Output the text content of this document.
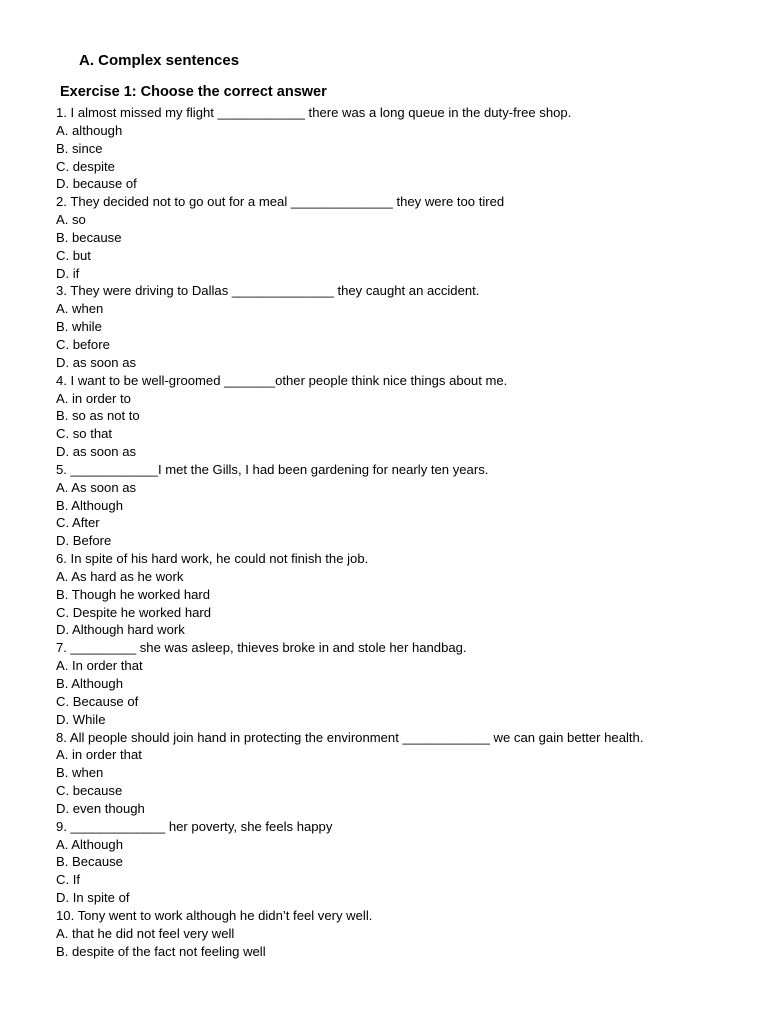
A. Complex sentences
Exercise 1: Choose the correct answer
1. I almost missed my flight ____________ there was a long queue in the duty-free shop.
A. although
B. since
C. despite
D. because of
2. They decided not to go out for a meal ______________ they were too tired
A. so
B. because
C. but
D. if
3. They were driving to Dallas ______________ they caught an accident.
A. when
B. while
C. before
D. as soon as
4. I want to be well-groomed _______other people think nice things about me.
A. in order to
B. so as not to
C. so that
D. as soon as
5. ____________I met the Gills, I had been gardening for nearly ten years.
A. As soon as
B. Although
C. After
D. Before
6. In spite of his hard work, he could not finish the job.
A. As hard as he work
B. Though he worked hard
C. Despite he worked hard
D. Although hard work
7. _________ she was asleep, thieves broke in and stole her handbag.
A. In order that
B. Although
C. Because of
D. While
8. All people should join hand in protecting the environment ____________ we can gain better health.
A. in order that
B. when
C. because
D. even though
9. _____________ her poverty, she feels happy
A. Although
B. Because
C. If
D. In spite of
10. Tony went to work although he didn’t feel very well.
A. that he did not feel very well
B. despite of the fact not feeling well
